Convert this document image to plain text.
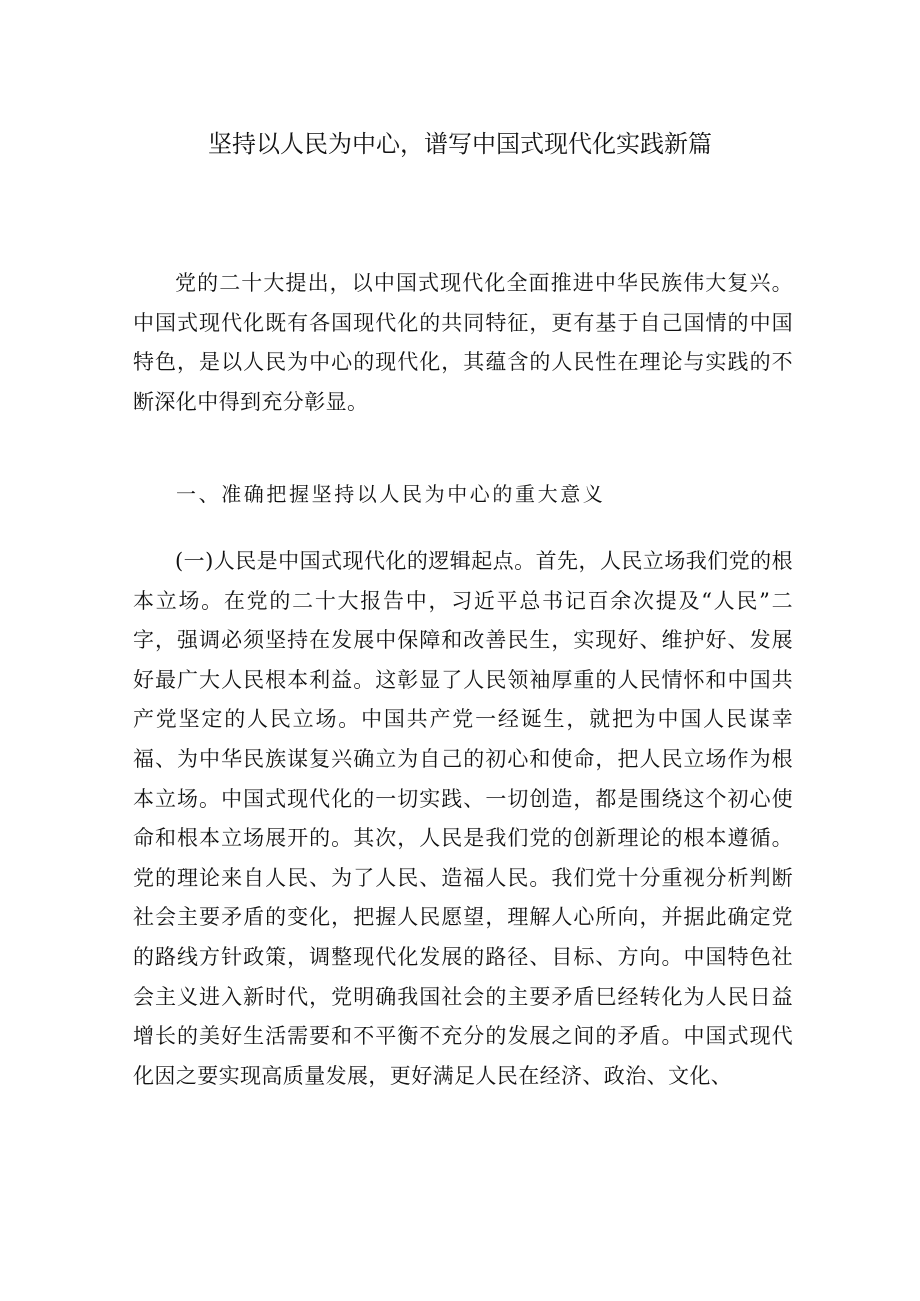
坚持以人民为中心，谱写中国式现代化实践新篇

党的二十大提出，以中国式现代化全面推进中华民族伟大复兴。中国式现代化既有各国现代化的共同特征，更有基于自己国情的中国特色，是以人民为中心的现代化，其蕴含的人民性在理论与实践的不断深化中得到充分彰显。

一、准确把握坚持以人民为中心的重大意义

(一)人民是中国式现代化的逻辑起点。首先，人民立场我们党的根本立场。在党的二十大报告中，习近平总书记百余次提及“人民”二字，强调必须坚持在发展中保障和改善民生，实现好、维护好、发展好最广大人民根本利益。这彰显了人民领袖厚重的人民情怀和中国共产党坚定的人民立场。中国共产党一经诞生，就把为中国人民谋幸福、为中华民族谋复兴确立为自己的初心和使命，把人民立场作为根本立场。中国式现代化的一切实践、一切创造，都是围绕这个初心使命和根本立场展开的。其次，人民是我们党的创新理论的根本遵循。党的理论来自人民、为了人民、造福人民。我们党十分重视分析判断社会主要矛盾的变化，把握人民愿望，理解人心所向，并据此确定党的路线方针政策，调整现代化发展的路径、目标、方向。中国特色社会主义进入新时代，党明确我国社会的主要矛盾巳经转化为人民日益增长的美好生活需要和不平衡不充分的发展之间的矛盾。中国式现代化因之要实现高质量发展，更好满足人民在经济、政治、文化、
